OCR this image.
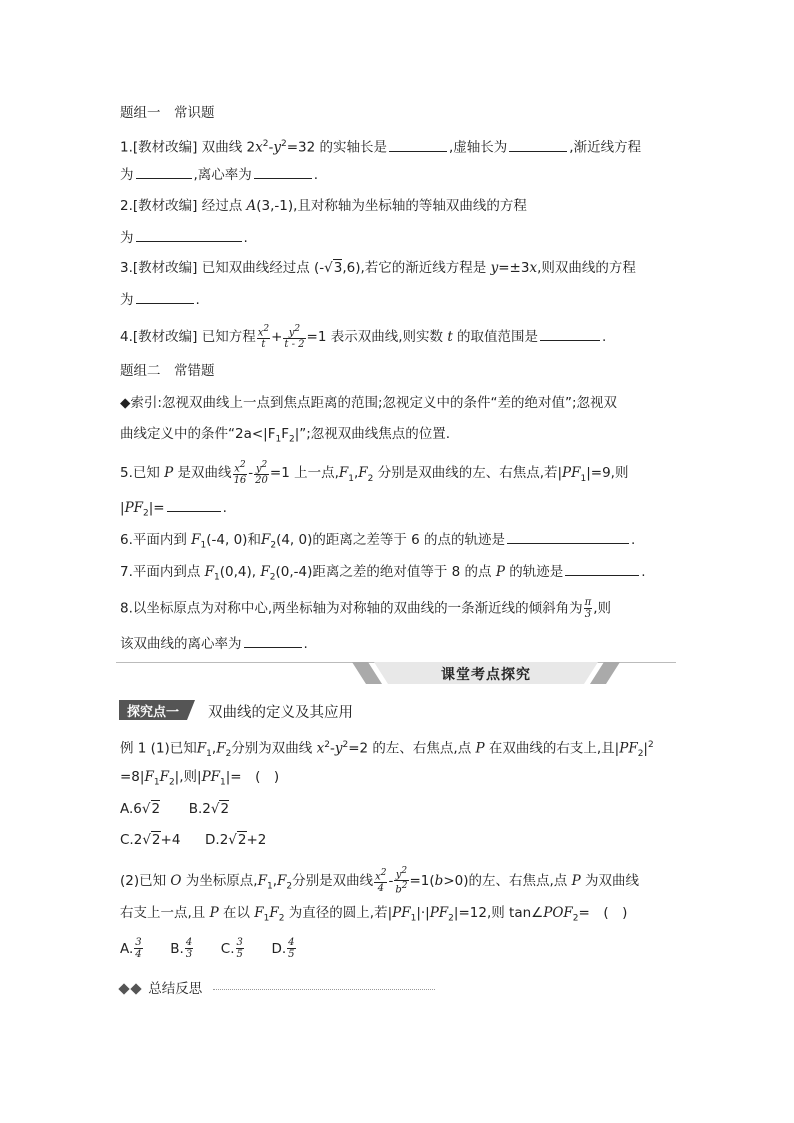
题组一　常识题
1.[教材改编] 双曲线 $2x^2-y^2=32$ 的实轴长是	,虚轴长为	,渐近线方程
为	,离心率为	.
2.[教材改编] 经过点 A(3,-1),且对称轴为坐标轴的等轴双曲线的方程
为	.
3.[教材改编] 已知双曲线经过点 (-√3,6),若它的渐近线方程是 y=±3x,则双曲线的方程
为	.
4.[教材改编] 已知方程 $\frac{x^2}{t} + \frac{y^2}{t - 2} =1$ 表示双曲线,则实数 t 的取值范围是	.
题组二　常错题
◆索引:忽视双曲线上一点到焦点距离的范围;忽视定义中的条件“差的绝对值”;忽视双
曲线定义中的条件“$2a<|F_1F_2|$”;忽视双曲线焦点的位置.
5.已知 P 是双曲线 $\frac{x^2}{16} - \frac{y^2}{20} =1$ 上一点$,F_1,F_2$ 分别是双曲线的左、右焦点,若$|PF_1|=9$,则
$|PF_2|=$	.
6.平面内到 $F_1(-4$, 0)和$F_2(4$, 0)的距离之差等于 6 的点的轨迹是	.
7.平面内到点 $F_1(0,4)$, $F_2(0,-4)$距离之差的绝对值等于 8 的点 P 的轨迹是	.
8.以坐标原点为对称中心,两坐标轴为对称轴的双曲线的一条渐近线的倾斜角为 $\frac{\pi}{3}$ ,则
该双曲线的离心率为	.
课堂考点探究
探究点一	双曲线的定义及其应用
例 1 (1)已知$F_1,F_2$分别为双曲线 $x^2-y^2=2$ 的左、右焦点,点 P 在双曲线的右支上,且$|PF_2|^2$
$=8|F_1F_2|$,则$|PF_1|=$　(　)
A.6√2 B.2√2
C.2√2+4 D.2√2+2
(2)已知 O 为坐标原点$,F_1,F_2$分别是双曲线 $\frac{x^2}{4} - \frac{y^2}{b^2} =1(b>0)$的左、右焦点,点 P 为双曲线
右支上一点,且 P 在以 $F_1F_2$ 为直径的圆上,若$|PF_1|\cdot|PF_2|=12$,则 $\tan\angle POF_2=$　(　)
A. $\frac{3}{4} B$. $\frac{4}{3} C$. $\frac{3}{5} D$. $\frac{4}{5}$
总结反思
